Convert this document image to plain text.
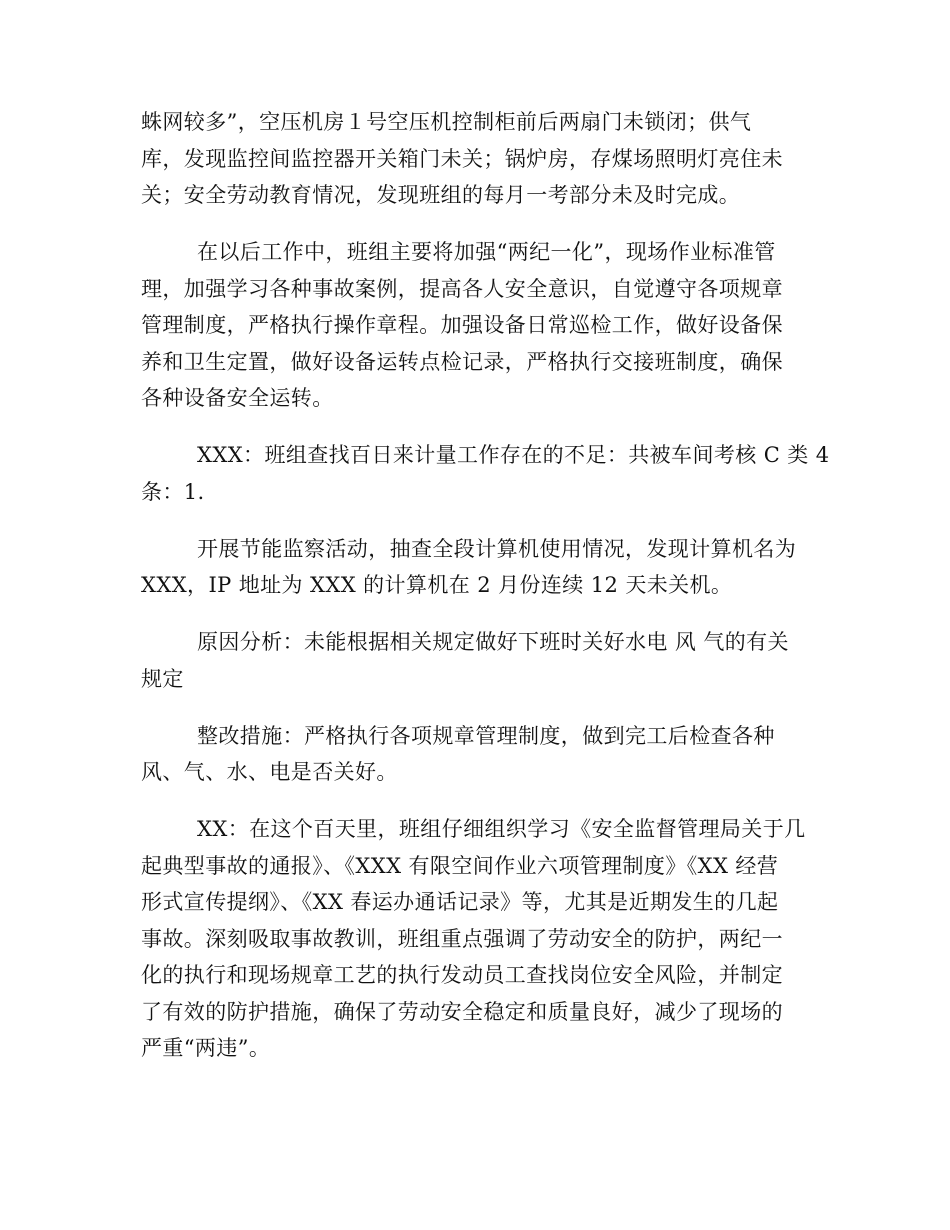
蛛网较多”，空压机房１号空压机控制柜前后两扇门未锁闭；供气
库，发现监控间监控器开关箱门未关；锅炉房，存煤场照明灯亮住未
关；安全劳动教育情况，发现班组的每月一考部分未及时完成。
在以后工作中，班组主要将加强“两纪一化”，现场作业标准管
理，加强学习各种事故案例，提高各人安全意识，自觉遵守各项规章
管理制度，严格执行操作章程。加强设备日常巡检工作，做好设备保
养和卫生定置，做好设备运转点检记录，严格执行交接班制度，确保
各种设备安全运转。
XXX：班组查找百日来计量工作存在的不足：共被车间考核 C 类 4
条：1.
开展节能监察活动，抽查全段计算机使用情况，发现计算机名为
XXX，IP 地址为 XXX 的计算机在 2 月份连续 12 天未关机。
原因分析：未能根据相关规定做好下班时关好水电 风 气的有关
规定
整改措施：严格执行各项规章管理制度，做到完工后检查各种
风、气、水、电是否关好。
XX：在这个百天里，班组仔细组织学习《安全监督管理局关于几
起典型事故的通报》、《XXX 有限空间作业六项管理制度》《XX 经营
形式宣传提纲》、《XX 春运办通话记录》等，尤其是近期发生的几起
事故。深刻吸取事故教训，班组重点强调了劳动安全的防护，两纪一
化的执行和现场规章工艺的执行发动员工查找岗位安全风险，并制定
了有效的防护措施，确保了劳动安全稳定和质量良好，减少了现场的
严重“两违”。
